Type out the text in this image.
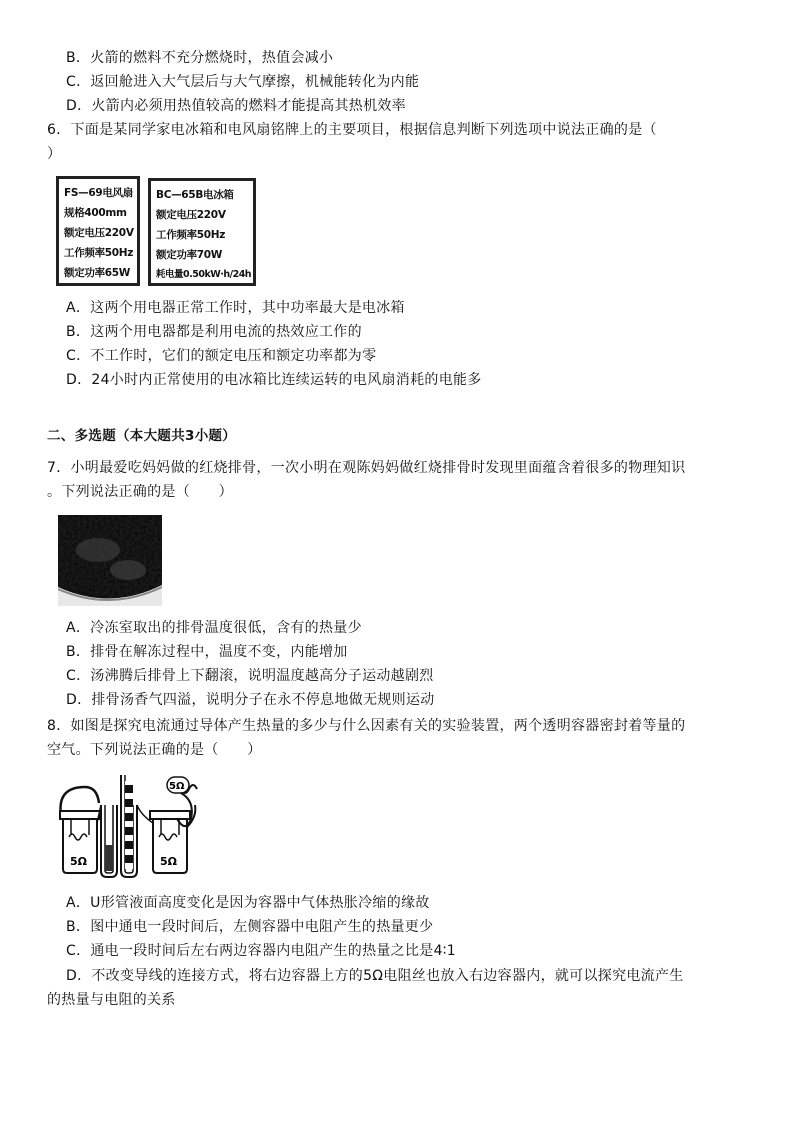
B．火箭的燃料不充分燃烧时，热值会减小
C．返回舱进入大气层后与大气摩擦，机械能转化为内能
D．火箭内必须用热值较高的燃料才能提高其热机效率
6．下面是某同学家电冰箱和电风扇铭牌上的主要项目，根据信息判断下列选项中说法正确的是（
）
FS—69电风扇
规格400mm
额定电压220V
工作频率50Hz
额定功率65W
BC—65B电冰箱
额定电压220V
工作频率50Hz
额定功率70W
耗电量0.50kW·h/24h
A．这两个用电器正常工作时，其中功率最大是电冰箱
B．这两个用电器都是利用电流的热效应工作的
C．不工作时，它们的额定电压和额定功率都为零
D．24小时内正常使用的电冰箱比连续运转的电风扇消耗的电能多
二、多选题（本大题共3小题）
7．小明最爱吃妈妈做的红烧排骨，一次小明在观陈妈妈做红烧排骨时发现里面蕴含着很多的物理知识
。下列说法正确的是（　　）
A．冷冻室取出的排骨温度很低，含有的热量少
B．排骨在解冻过程中，温度不变，内能增加
C．汤沸腾后排骨上下翻滚，说明温度越高分子运动越剧烈
D．排骨汤香气四溢，说明分子在永不停息地做无规则运动
8．如图是探究电流通过导体产生热量的多少与什么因素有关的实验装置，两个透明容器密封着等量的
空气。下列说法正确的是（　　）
5Ω	5Ω
5Ω
A．U形管液面高度变化是因为容器中气体热胀冷缩的缘故
B．图中通电一段时间后，左侧容器中电阻产生的热量更少
C．通电一段时间后左右两边容器内电阻产生的热量之比是4∶1
D．不改变导线的连接方式，将右边容器上方的5Ω电阻丝也放入右边容器内，就可以探究电流产生
的热量与电阻的关系
